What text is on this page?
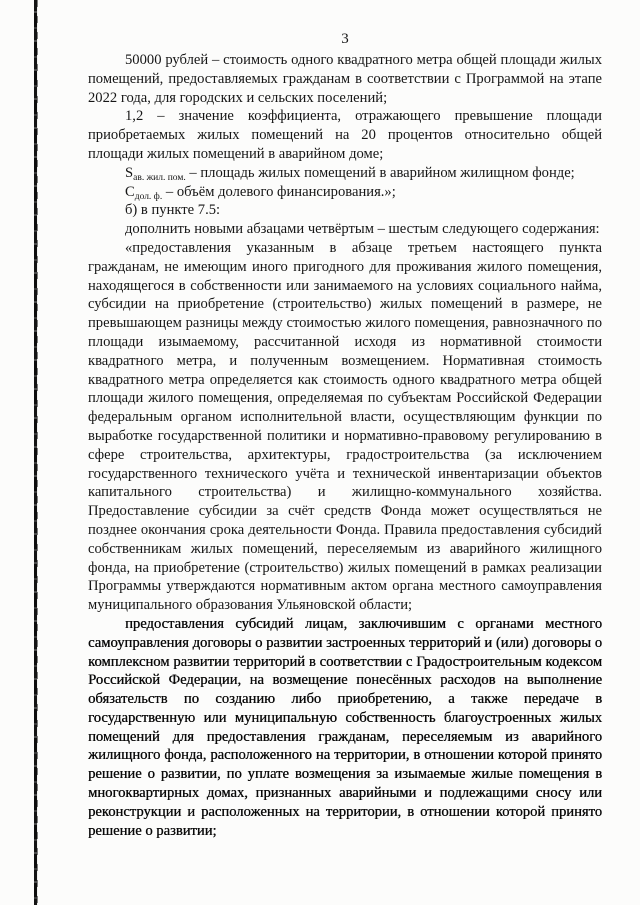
3

50000 рублей – стоимость одного квадратного метра общей площади жилых помещений, предоставляемых гражданам в соответствии с Программой на этапе 2022 года, для городских и сельских поселений;

1,2 – значение коэффициента, отражающего превышение площади приобретаемых жилых помещений на 20 процентов относительно общей площади жилых помещений в аварийном доме;

$S_{ав. жил. пом.}$ – площадь жилых помещений в аварийном жилищном фонде;

$С_{дол. ф.}$ – объём долевого финансирования.»;

б) в пункте 7.5:

дополнить новыми абзацами четвёртым – шестым следующего содержания:

«предоставления указанным в абзаце третьем настоящего пункта гражданам, не имеющим иного пригодного для проживания жилого помещения, находящегося в собственности или занимаемого на условиях социального найма, субсидии на приобретение (строительство) жилых помещений в размере, не превышающем разницы между стоимостью жилого помещения, равнозначного по площади изымаемому, рассчитанной исходя из нормативной стоимости квадратного метра, и полученным возмещением. Нормативная стоимость квадратного метра определяется как стоимость одного квадратного метра общей площади жилого помещения, определяемая по субъектам Российской Федерации федеральным органом исполнительной власти, осуществляющим функции по выработке государственной политики и нормативно-правовому регулированию в сфере строительства, архитектуры, градостроительства (за исключением государственного технического учёта и технической инвентаризации объектов капитального строительства) и жилищно-коммунального хозяйства. Предоставление субсидии за счёт средств Фонда может осуществляться не позднее окончания срока деятельности Фонда. Правила предоставления субсидий собственникам жилых помещений, переселяемым из аварийного жилищного фонда, на приобретение (строительство) жилых помещений в рамках реализации Программы утверждаются нормативным актом органа местного самоуправления муниципального образования Ульяновской области;

предоставления субсидий лицам, заключившим с органами местного самоуправления договоры о развитии застроенных территорий и (или) договоры о комплексном развитии территорий в соответствии с Градостроительным кодексом Российской Федерации, на возмещение понесённых расходов на выполнение обязательств по созданию либо приобретению, а также передаче в государственную или муниципальную собственность благоустроенных жилых помещений для предоставления гражданам, переселяемым из аварийного жилищного фонда, расположенного на территории, в отношении которой принято решение о развитии, по уплате возмещения за изымаемые жилые помещения в многоквартирных домах, признанных аварийными и подлежащими сносу или реконструкции и расположенных на территории, в отношении которой принято решение о развитии;
